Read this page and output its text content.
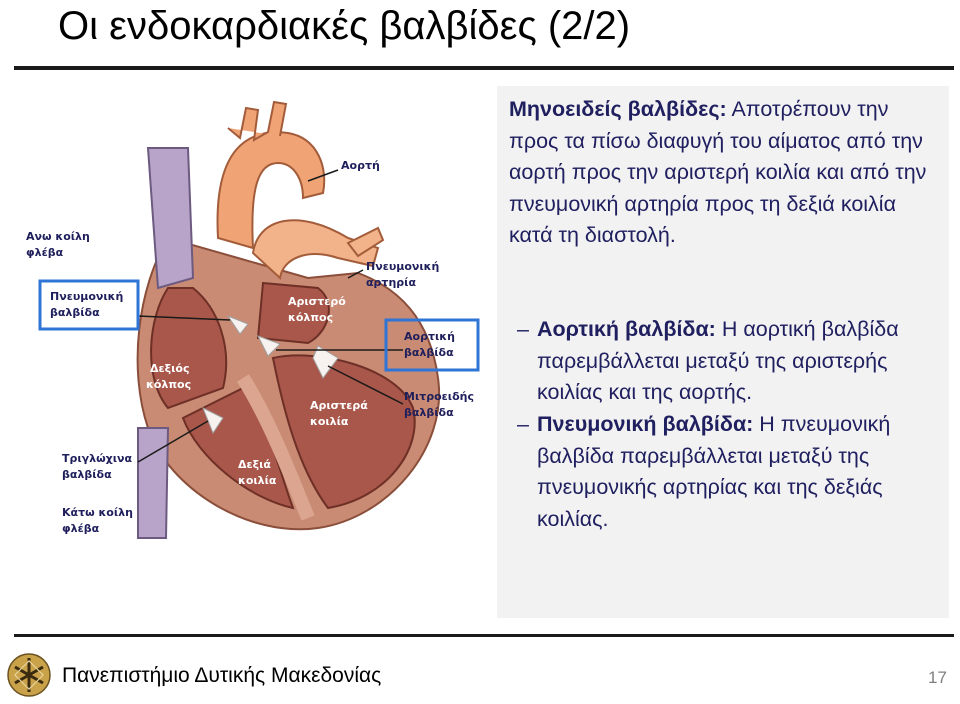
Οι ενδοκαρδιακές βαλβίδες (2/2)
Αορτή
Ανω κοίλη
φλέβα
Πνευμονική
βαλβίδα
Πνευμονική
αρτηρία
Αορτική
βαλβίδα
Μιτροειδής
βαλβίδα
Τριγλώχινα
βαλβίδα
Κάτω κοίλη
φλέβα
Αριστερό
κόλπος
Δεξιός
κόλπος
Αριστερά
κοιλία
Δεξιά
κοιλία
Μηνοειδείς βαλβίδες: Αποτρέπουν την προς τα πίσω διαφυγή του αίματος από την αορτή προς την αριστερή κοιλία και από την πνευμονική αρτηρία προς τη δεξιά κοιλία κατά τη διαστολή.
– Αορτική βαλβίδα: Η αορτική βαλβίδα παρεμβάλλεται μεταξύ της αριστερής κοιλίας και της αορτής.
– Πνευμονική βαλβίδα: Η πνευμονική βαλβίδα παρεμβάλλεται μεταξύ της πνευμονικής αρτηρίας και της δεξιάς κοιλίας.
Πανεπιστήμιο Δυτικής Μακεδονίας	17
